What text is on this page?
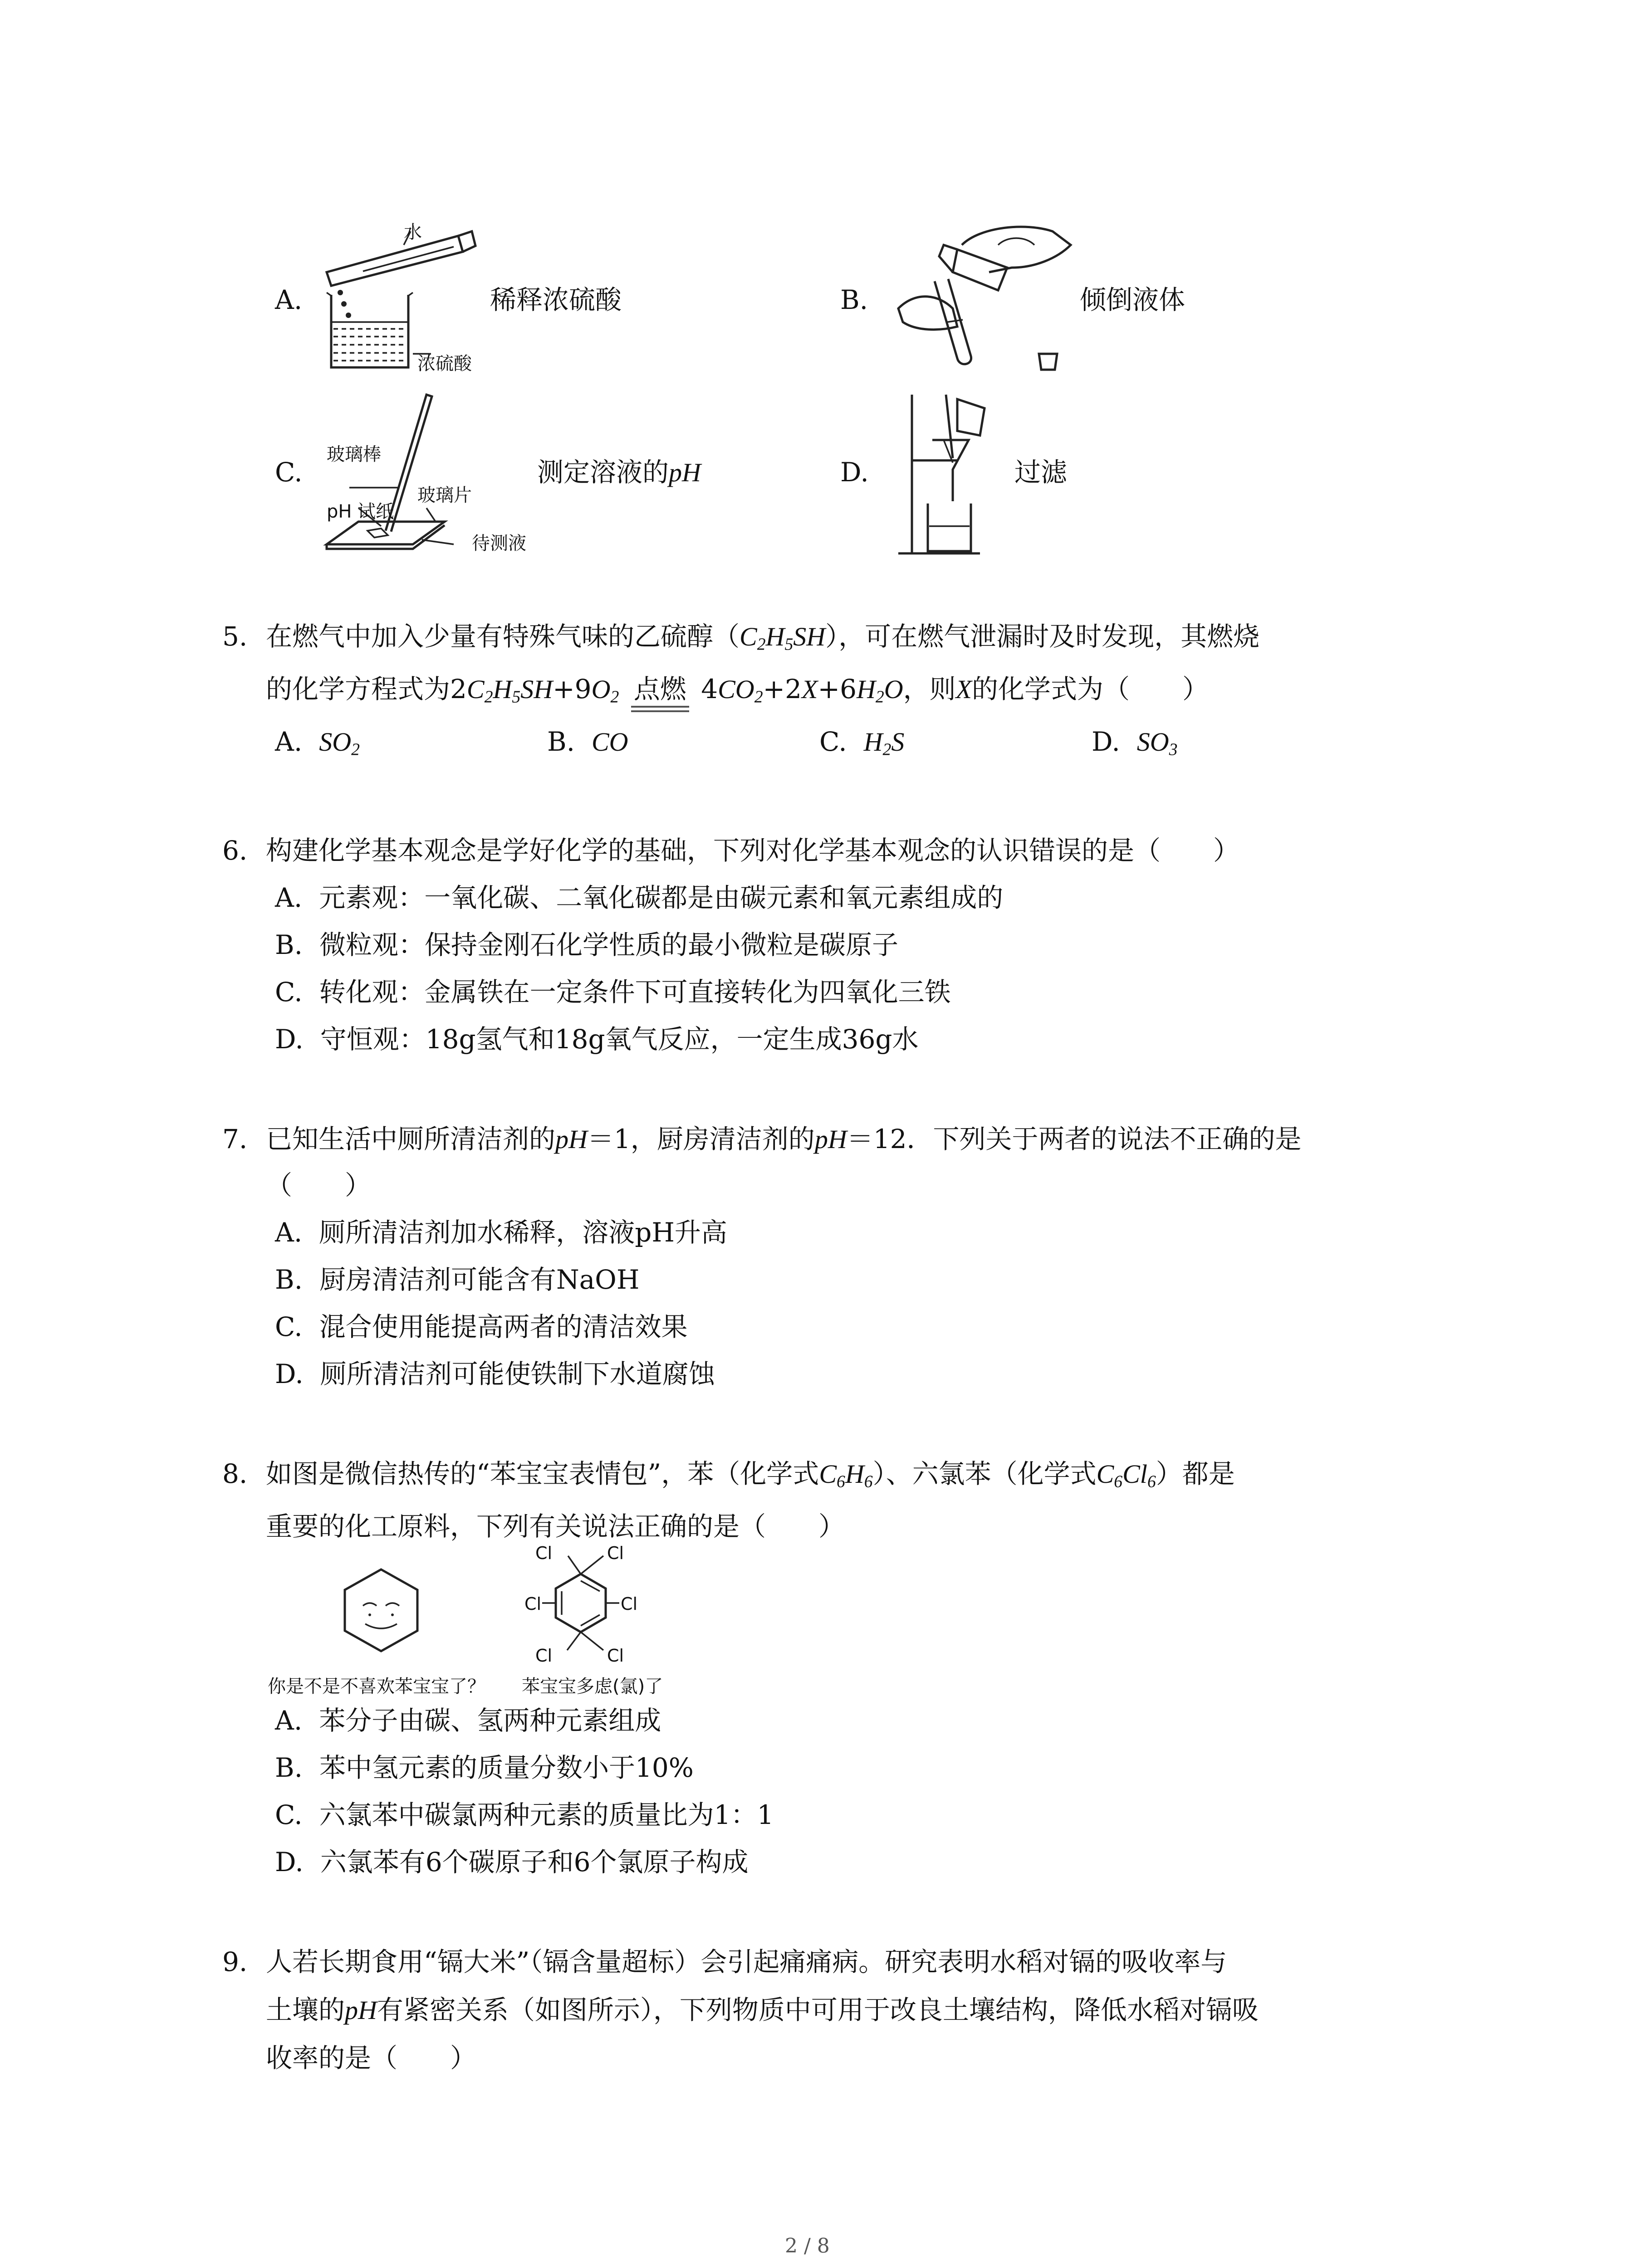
A.
水
浓硫酸
稀释浓硫酸	B.	倾倒液体
C.
玻璃棒
pH 试纸
玻璃片
待测液
测定溶液的pH	D.	过滤
5. 在燃气中加入少量有特殊气味的乙硫醇$(C_2H_5SH)$，可在燃气泄漏时及时发现，其燃烧
的化学方程式为$2C_2H_5SH+9O_2$ 点燃 $4CO_2+2X+6H_2O$，则X的化学式为（　　）
A. $SO_2$	B. CO	C. $H_2S$	D. $SO_3$
6. 构建化学基本观念是学好化学的基础，下列对化学基本观念的认识错误的是（　　）
A. 元素观：一氧化碳、二氧化碳都是由碳元素和氧元素组成的
B. 微粒观：保持金刚石化学性质的最小微粒是碳原子
C. 转化观：金属铁在一定条件下可直接转化为四氧化三铁
D. 守恒观：18g氢气和18g氧气反应，一定生成36g水
7. 已知生活中厕所清洁剂的pH＝1，厨房清洁剂的pH＝12．下列关于两者的说法不正确的是
（　　）
A. 厕所清洁剂加水稀释，溶液pH升高
B. 厨房清洁剂可能含有NaOH
C. 混合使用能提高两者的清洁效果
D. 厕所清洁剂可能使铁制下水道腐蚀
8. 如图是微信热传的“苯宝宝表情包”，苯（化学式$C_6H_6$）、六氯苯（化学式$C_6Cl_6$）都是
重要的化工原料，下列有关说法正确的是（　　）
Cl	Cl
Cl	Cl
Cl	Cl
你是不是不喜欢苯宝宝了？ 苯宝宝多虑(氯)了
A. 苯分子由碳、氢两种元素组成
B. 苯中氢元素的质量分数小于10%
C. 六氯苯中碳氯两种元素的质量比为1：1
D. 六氯苯有6个碳原子和6个氯原子构成
9. 人若长期食用“镉大米”（镉含量超标）会引起痛痛病。研究表明水稻对镉的吸收率与
土壤的pH有紧密关系（如图所示），下列物质中可用于改良土壤结构，降低水稻对镉吸
收率的是（　　）
2 / 8
